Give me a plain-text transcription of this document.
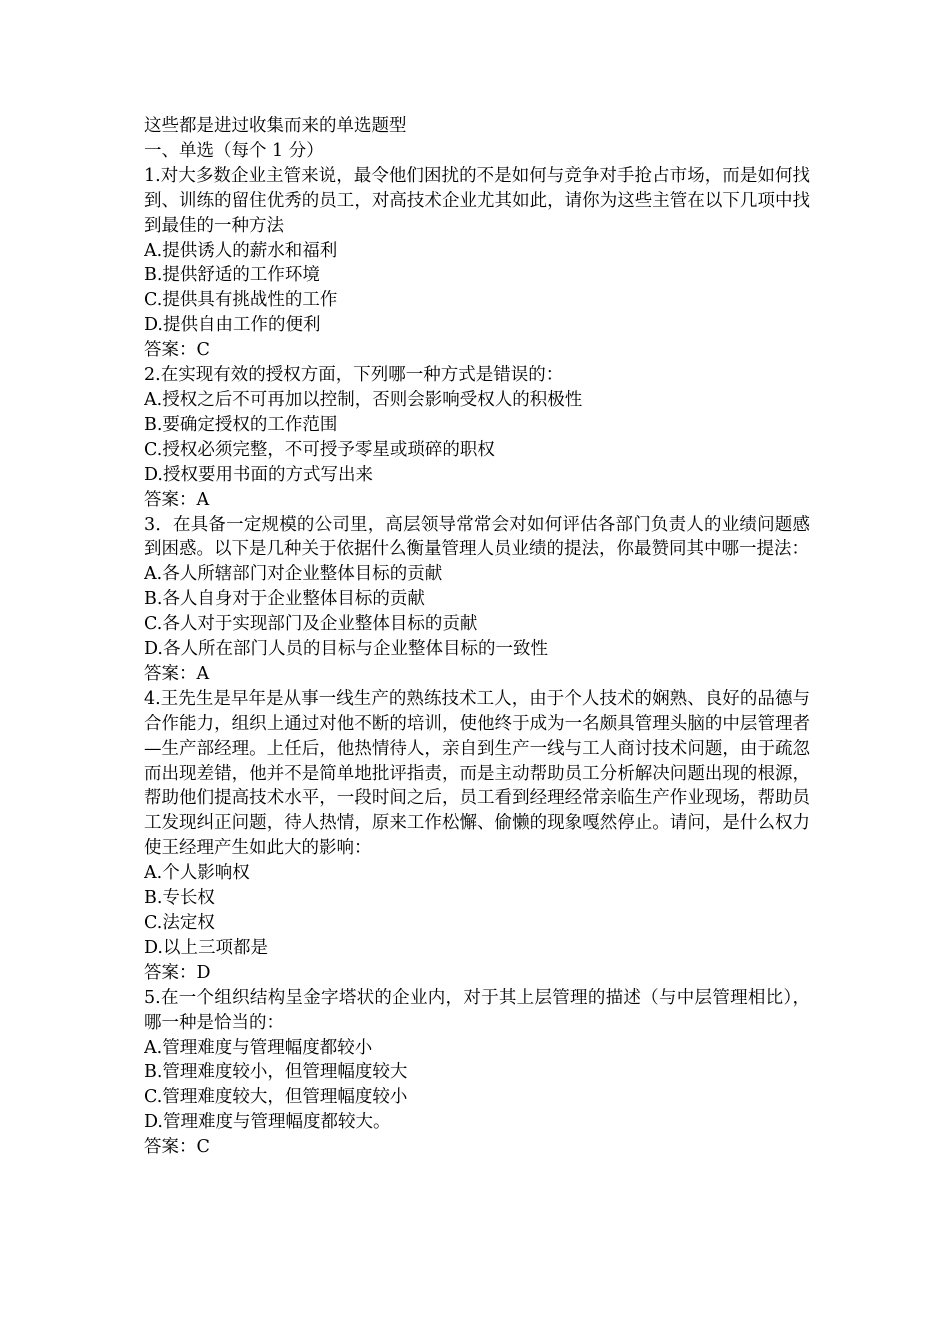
这些都是进过收集而来的单选题型
一、单选（每个 1 分）
1.对大多数企业主管来说，最令他们困扰的不是如何与竞争对手抢占市场，而是如何找到、训练的留住优秀的员工，对高技术企业尤其如此，请你为这些主管在以下几项中找到最佳的一种方法
A.提供诱人的薪水和福利
B.提供舒适的工作环境
C.提供具有挑战性的工作
D.提供自由工作的便利
答案：C
2.在实现有效的授权方面，下列哪一种方式是错误的：
A.授权之后不可再加以控制，否则会影响受权人的积极性
B.要确定授权的工作范围
C.授权必须完整，不可授予零星或琐碎的职权
D.授权要用书面的方式写出来
答案：A
3．在具备一定规模的公司里，高层领导常常会对如何评估各部门负责人的业绩问题感到困惑。以下是几种关于依据什么衡量管理人员业绩的提法，你最赞同其中哪一提法：
A.各人所辖部门对企业整体目标的贡献
B.各人自身对于企业整体目标的贡献
C.各人对于实现部门及企业整体目标的贡献
D.各人所在部门人员的目标与企业整体目标的一致性
答案：A
4.王先生是早年是从事一线生产的熟练技术工人，由于个人技术的娴熟、良好的品德与合作能力，组织上通过对他不断的培训，使他终于成为一名颇具管理头脑的中层管理者—生产部经理。上任后，他热情待人，亲自到生产一线与工人商讨技术问题，由于疏忽而出现差错，他并不是简单地批评指责，而是主动帮助员工分析解决问题出现的根源，帮助他们提高技术水平，一段时间之后，员工看到经理经常亲临生产作业现场，帮助员工发现纠正问题，待人热情，原来工作松懈、偷懒的现象嘎然停止。请问，是什么权力使王经理产生如此大的影响：
A.个人影响权
B.专长权
C.法定权
D.以上三项都是
答案：D
5.在一个组织结构呈金字塔状的企业内，对于其上层管理的描述（与中层管理相比），哪一种是恰当的：
A.管理难度与管理幅度都较小
B.管理难度较小，但管理幅度较大
C.管理难度较大，但管理幅度较小
D.管理难度与管理幅度都较大。
答案：C
